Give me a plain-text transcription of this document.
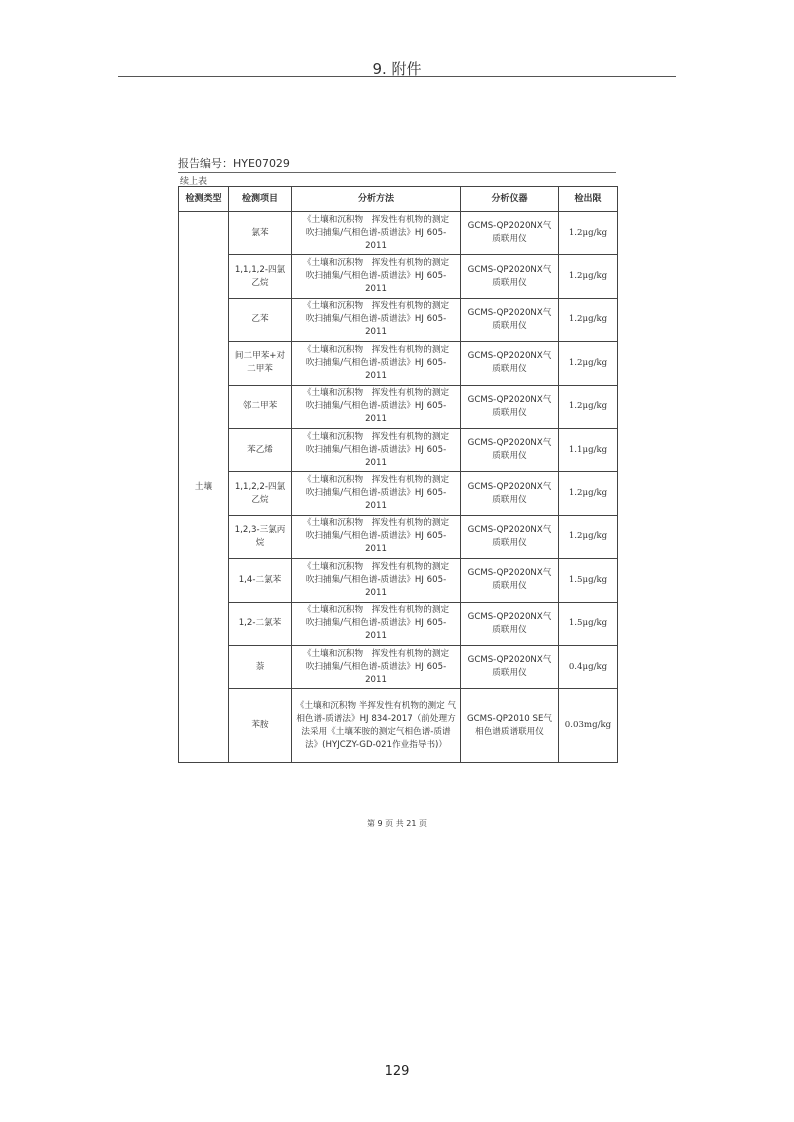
9. 附件
报告编号：HYE07029
续上表
检测类型	检测项目	分析方法	分析仪器	检出限
土壤	氯苯	《土壤和沉积物　挥发性有机物的测定　吹扫捕集/气相色谱-质谱法》HJ 605-2011	GCMS-QP2020NX气质联用仪	1.2μg/kg
	1,1,1,2-四氯乙烷	《土壤和沉积物　挥发性有机物的测定　吹扫捕集/气相色谱-质谱法》HJ 605-2011	GCMS-QP2020NX气质联用仪	1.2μg/kg
	乙苯	《土壤和沉积物　挥发性有机物的测定　吹扫捕集/气相色谱-质谱法》HJ 605-2011	GCMS-QP2020NX气质联用仪	1.2μg/kg
	间二甲苯+对二甲苯	《土壤和沉积物　挥发性有机物的测定　吹扫捕集/气相色谱-质谱法》HJ 605-2011	GCMS-QP2020NX气质联用仪	1.2μg/kg
	邻二甲苯	《土壤和沉积物　挥发性有机物的测定　吹扫捕集/气相色谱-质谱法》HJ 605-2011	GCMS-QP2020NX气质联用仪	1.2μg/kg
	苯乙烯	《土壤和沉积物　挥发性有机物的测定　吹扫捕集/气相色谱-质谱法》HJ 605-2011	GCMS-QP2020NX气质联用仪	1.1μg/kg
	1,1,2,2-四氯乙烷	《土壤和沉积物　挥发性有机物的测定　吹扫捕集/气相色谱-质谱法》HJ 605-2011	GCMS-QP2020NX气质联用仪	1.2μg/kg
	1,2,3-三氯丙烷	《土壤和沉积物　挥发性有机物的测定　吹扫捕集/气相色谱-质谱法》HJ 605-2011	GCMS-QP2020NX气质联用仪	1.2μg/kg
	1,4-二氯苯	《土壤和沉积物　挥发性有机物的测定　吹扫捕集/气相色谱-质谱法》HJ 605-2011	GCMS-QP2020NX气质联用仪	1.5μg/kg
	1,2-二氯苯	《土壤和沉积物　挥发性有机物的测定　吹扫捕集/气相色谱-质谱法》HJ 605-2011	GCMS-QP2020NX气质联用仪	1.5μg/kg
	萘	《土壤和沉积物　挥发性有机物的测定　吹扫捕集/气相色谱-质谱法》HJ 605-2011	GCMS-QP2020NX气质联用仪	0.4μg/kg
	苯胺	《土壤和沉积物 半挥发性有机物的测定 气相色谱-质谱法》HJ 834-2017（前处理方法采用《土壤苯胺的测定气相色谱-质谱法》(HYJCZY-GD-021作业指导书)）	GCMS-QP2010 SE气相色谱质谱联用仪	0.03mg/kg
第 9 页 共 21 页
129
